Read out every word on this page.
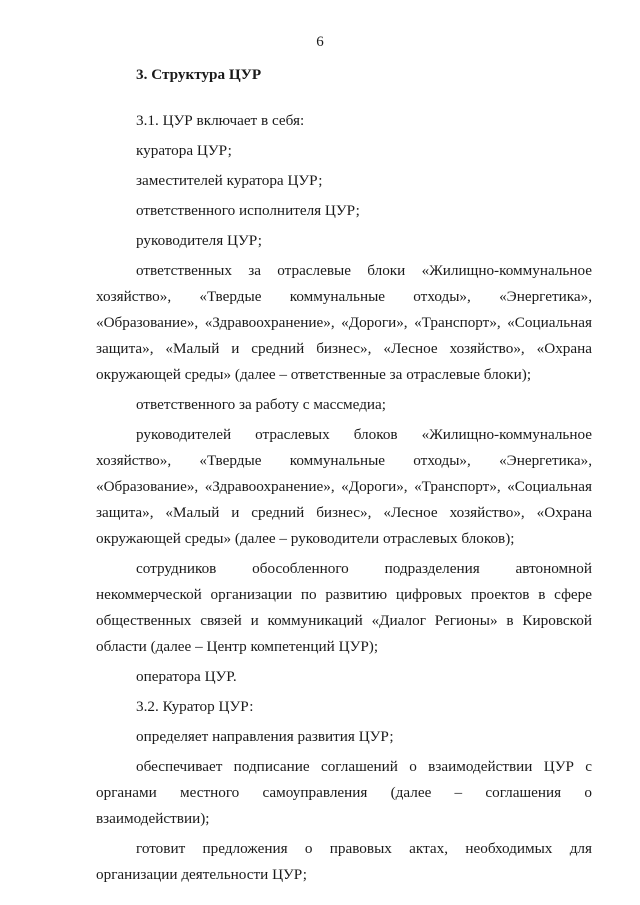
6
3. Структура ЦУР

3.1. ЦУР включает в себя:

куратора ЦУР;

заместителей куратора ЦУР;

ответственного исполнителя ЦУР;

руководителя ЦУР;

ответственных за отраслевые блоки «Жилищно-коммунальное хозяйство», «Твердые коммунальные отходы», «Энергетика», «Образование», «Здравоохранение», «Дороги», «Транспорт», «Социальная защита», «Малый и средний бизнес», «Лесное хозяйство», «Охрана окружающей среды» (далее – ответственные за отраслевые блоки);

ответственного за работу с массмедиа;

руководителей отраслевых блоков «Жилищно-коммунальное хозяйство», «Твердые коммунальные отходы», «Энергетика», «Образование», «Здравоохранение», «Дороги», «Транспорт», «Социальная защита», «Малый и средний бизнес», «Лесное хозяйство», «Охрана окружающей среды» (далее – руководители отраслевых блоков);

сотрудников обособленного подразделения автономной некоммерческой организации по развитию цифровых проектов в сфере общественных связей и коммуникаций «Диалог Регионы» в Кировской области (далее – Центр компетенций ЦУР);

оператора ЦУР.

3.2. Куратор ЦУР:

определяет направления развития ЦУР;

обеспечивает подписание соглашений о взаимодействии ЦУР с органами местного самоуправления (далее – соглашения о взаимодействии);

готовит предложения о правовых актах, необходимых для организации деятельности ЦУР;
